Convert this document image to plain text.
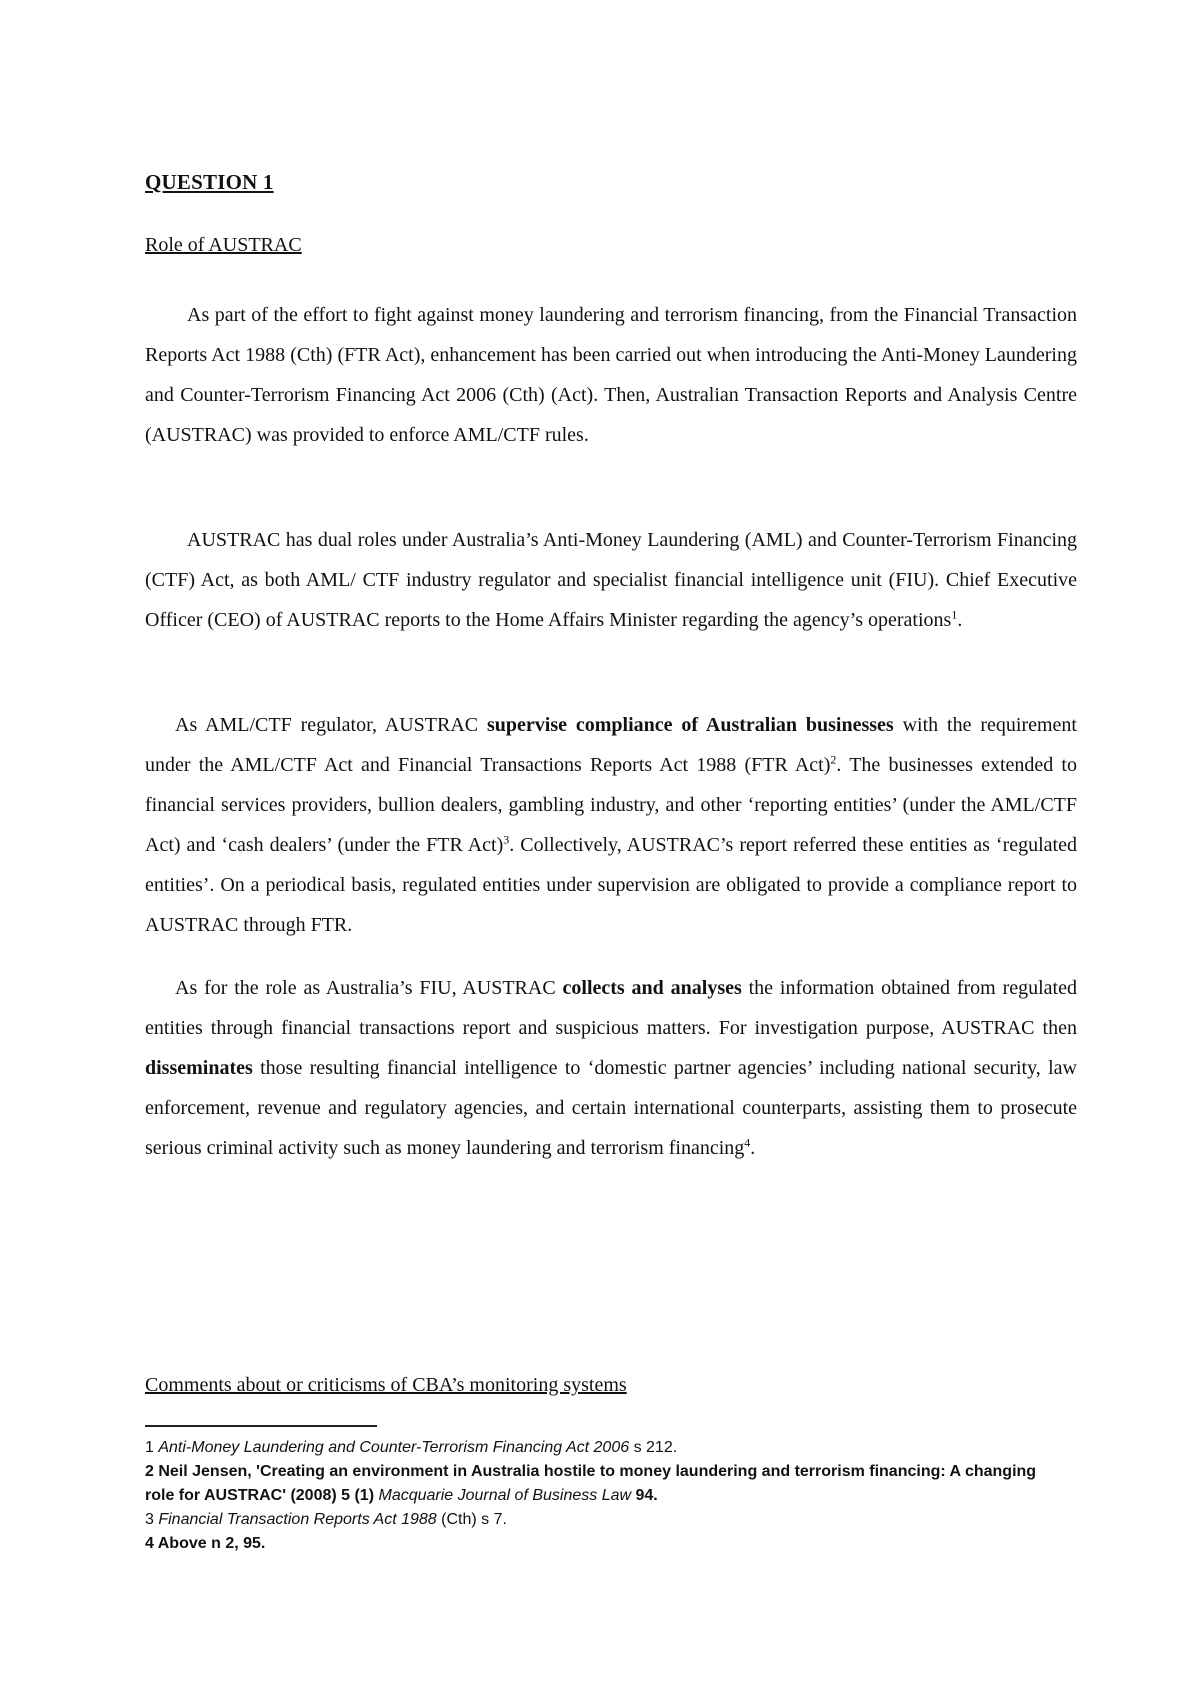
QUESTION 1
Role of AUSTRAC

As part of the effort to fight against money laundering and terrorism financing, from the Financial Transaction Reports Act 1988 (Cth) (FTR Act), enhancement has been carried out when introducing the Anti-Money Laundering and Counter-Terrorism Financing Act 2006 (Cth) (Act). Then, Australian Transaction Reports and Analysis Centre (AUSTRAC) was provided to enforce AML/CTF rules.

AUSTRAC has dual roles under Australia’s Anti-Money Laundering (AML) and Counter-Terrorism Financing (CTF) Act, as both AML/ CTF industry regulator and specialist financial intelligence unit (FIU). Chief Executive Officer (CEO) of AUSTRAC reports to the Home Affairs Minister regarding the agency’s operations$^1$.

As AML/CTF regulator, AUSTRAC supervise compliance of Australian businesses with the requirement under the AML/CTF Act and Financial Transactions Reports Act 1988 (FTR Act)$^2$. The businesses extended to financial services providers, bullion dealers, gambling industry, and other ‘reporting entities’ (under the AML/CTF Act) and ‘cash dealers’ (under the FTR Act)$^3$. Collectively, AUSTRAC’s report referred these entities as ‘regulated entities’. On a periodical basis, regulated entities under supervision are obligated to provide a compliance report to AUSTRAC through FTR.

As for the role as Australia’s FIU, AUSTRAC collects and analyses the information obtained from regulated entities through financial transactions report and suspicious matters. For investigation purpose, AUSTRAC then disseminates those resulting financial intelligence to ‘domestic partner agencies’ including national security, law enforcement, revenue and regulatory agencies, and certain international counterparts, assisting them to prosecute serious criminal activity such as money laundering and terrorism financing$^4$.

Comments about or criticisms of CBA’s monitoring systems

1 Anti-Money Laundering and Counter-Terrorism Financing Act 2006 s 212.

2 Neil Jensen, 'Creating an environment in Australia hostile to money laundering and terrorism financing: A changing role for AUSTRAC' (2008) 5 (1) Macquarie Journal of Business Law 94.

3 Financial Transaction Reports Act 1988 (Cth) s 7.

4 Above n 2, 95.
